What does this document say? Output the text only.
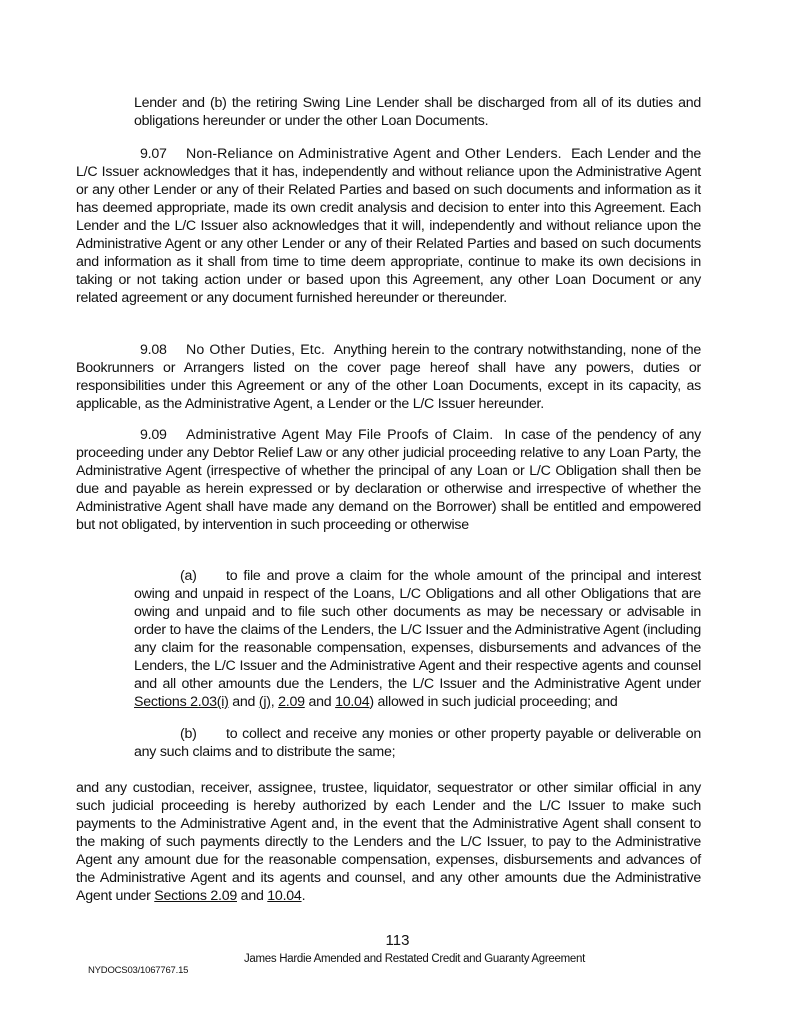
Lender and (b) the retiring Swing Line Lender shall be discharged from all of its duties and obligations hereunder or under the other Loan Documents.

9.07 Non-Reliance on Administrative Agent and Other Lenders. Each Lender and the L/C Issuer acknowledges that it has, independently and without reliance upon the Administrative Agent or any other Lender or any of their Related Parties and based on such documents and information as it has deemed appropriate, made its own credit analysis and decision to enter into this Agreement. Each Lender and the L/C Issuer also acknowledges that it will, independently and without reliance upon the Administrative Agent or any other Lender or any of their Related Parties and based on such documents and information as it shall from time to time deem appropriate, continue to make its own decisions in taking or not taking action under or based upon this Agreement, any other Loan Document or any related agreement or any document furnished hereunder or thereunder.

9.08 No Other Duties, Etc. Anything herein to the contrary notwithstanding, none of the Bookrunners or Arrangers listed on the cover page hereof shall have any powers, duties or responsibilities under this Agreement or any of the other Loan Documents, except in its capacity, as applicable, as the Administrative Agent, a Lender or the L/C Issuer hereunder.

9.09 Administrative Agent May File Proofs of Claim. In case of the pendency of any proceeding under any Debtor Relief Law or any other judicial proceeding relative to any Loan Party, the Administrative Agent (irrespective of whether the principal of any Loan or L/C Obligation shall then be due and payable as herein expressed or by declaration or otherwise and irrespective of whether the Administrative Agent shall have made any demand on the Borrower) shall be entitled and empowered but not obligated, by intervention in such proceeding or otherwise

(a) to file and prove a claim for the whole amount of the principal and interest owing and unpaid in respect of the Loans, L/C Obligations and all other Obligations that are owing and unpaid and to file such other documents as may be necessary or advisable in order to have the claims of the Lenders, the L/C Issuer and the Administrative Agent (including any claim for the reasonable compensation, expenses, disbursements and advances of the Lenders, the L/C Issuer and the Administrative Agent and their respective agents and counsel and all other amounts due the Lenders, the L/C Issuer and the Administrative Agent under Sections 2.03(i) and (j), 2.09 and 10.04) allowed in such judicial proceeding; and

(b) to collect and receive any monies or other property payable or deliverable on any such claims and to distribute the same;

and any custodian, receiver, assignee, trustee, liquidator, sequestrator or other similar official in any such judicial proceeding is hereby authorized by each Lender and the L/C Issuer to make such payments to the Administrative Agent and, in the event that the Administrative Agent shall consent to the making of such payments directly to the Lenders and the L/C Issuer, to pay to the Administrative Agent any amount due for the reasonable compensation, expenses, disbursements and advances of the Administrative Agent and its agents and counsel, and any other amounts due the Administrative Agent under Sections 2.09 and 10.04.

113
James Hardie Amended and Restated Credit and Guaranty Agreement
NYDOCS03/1067767.15
